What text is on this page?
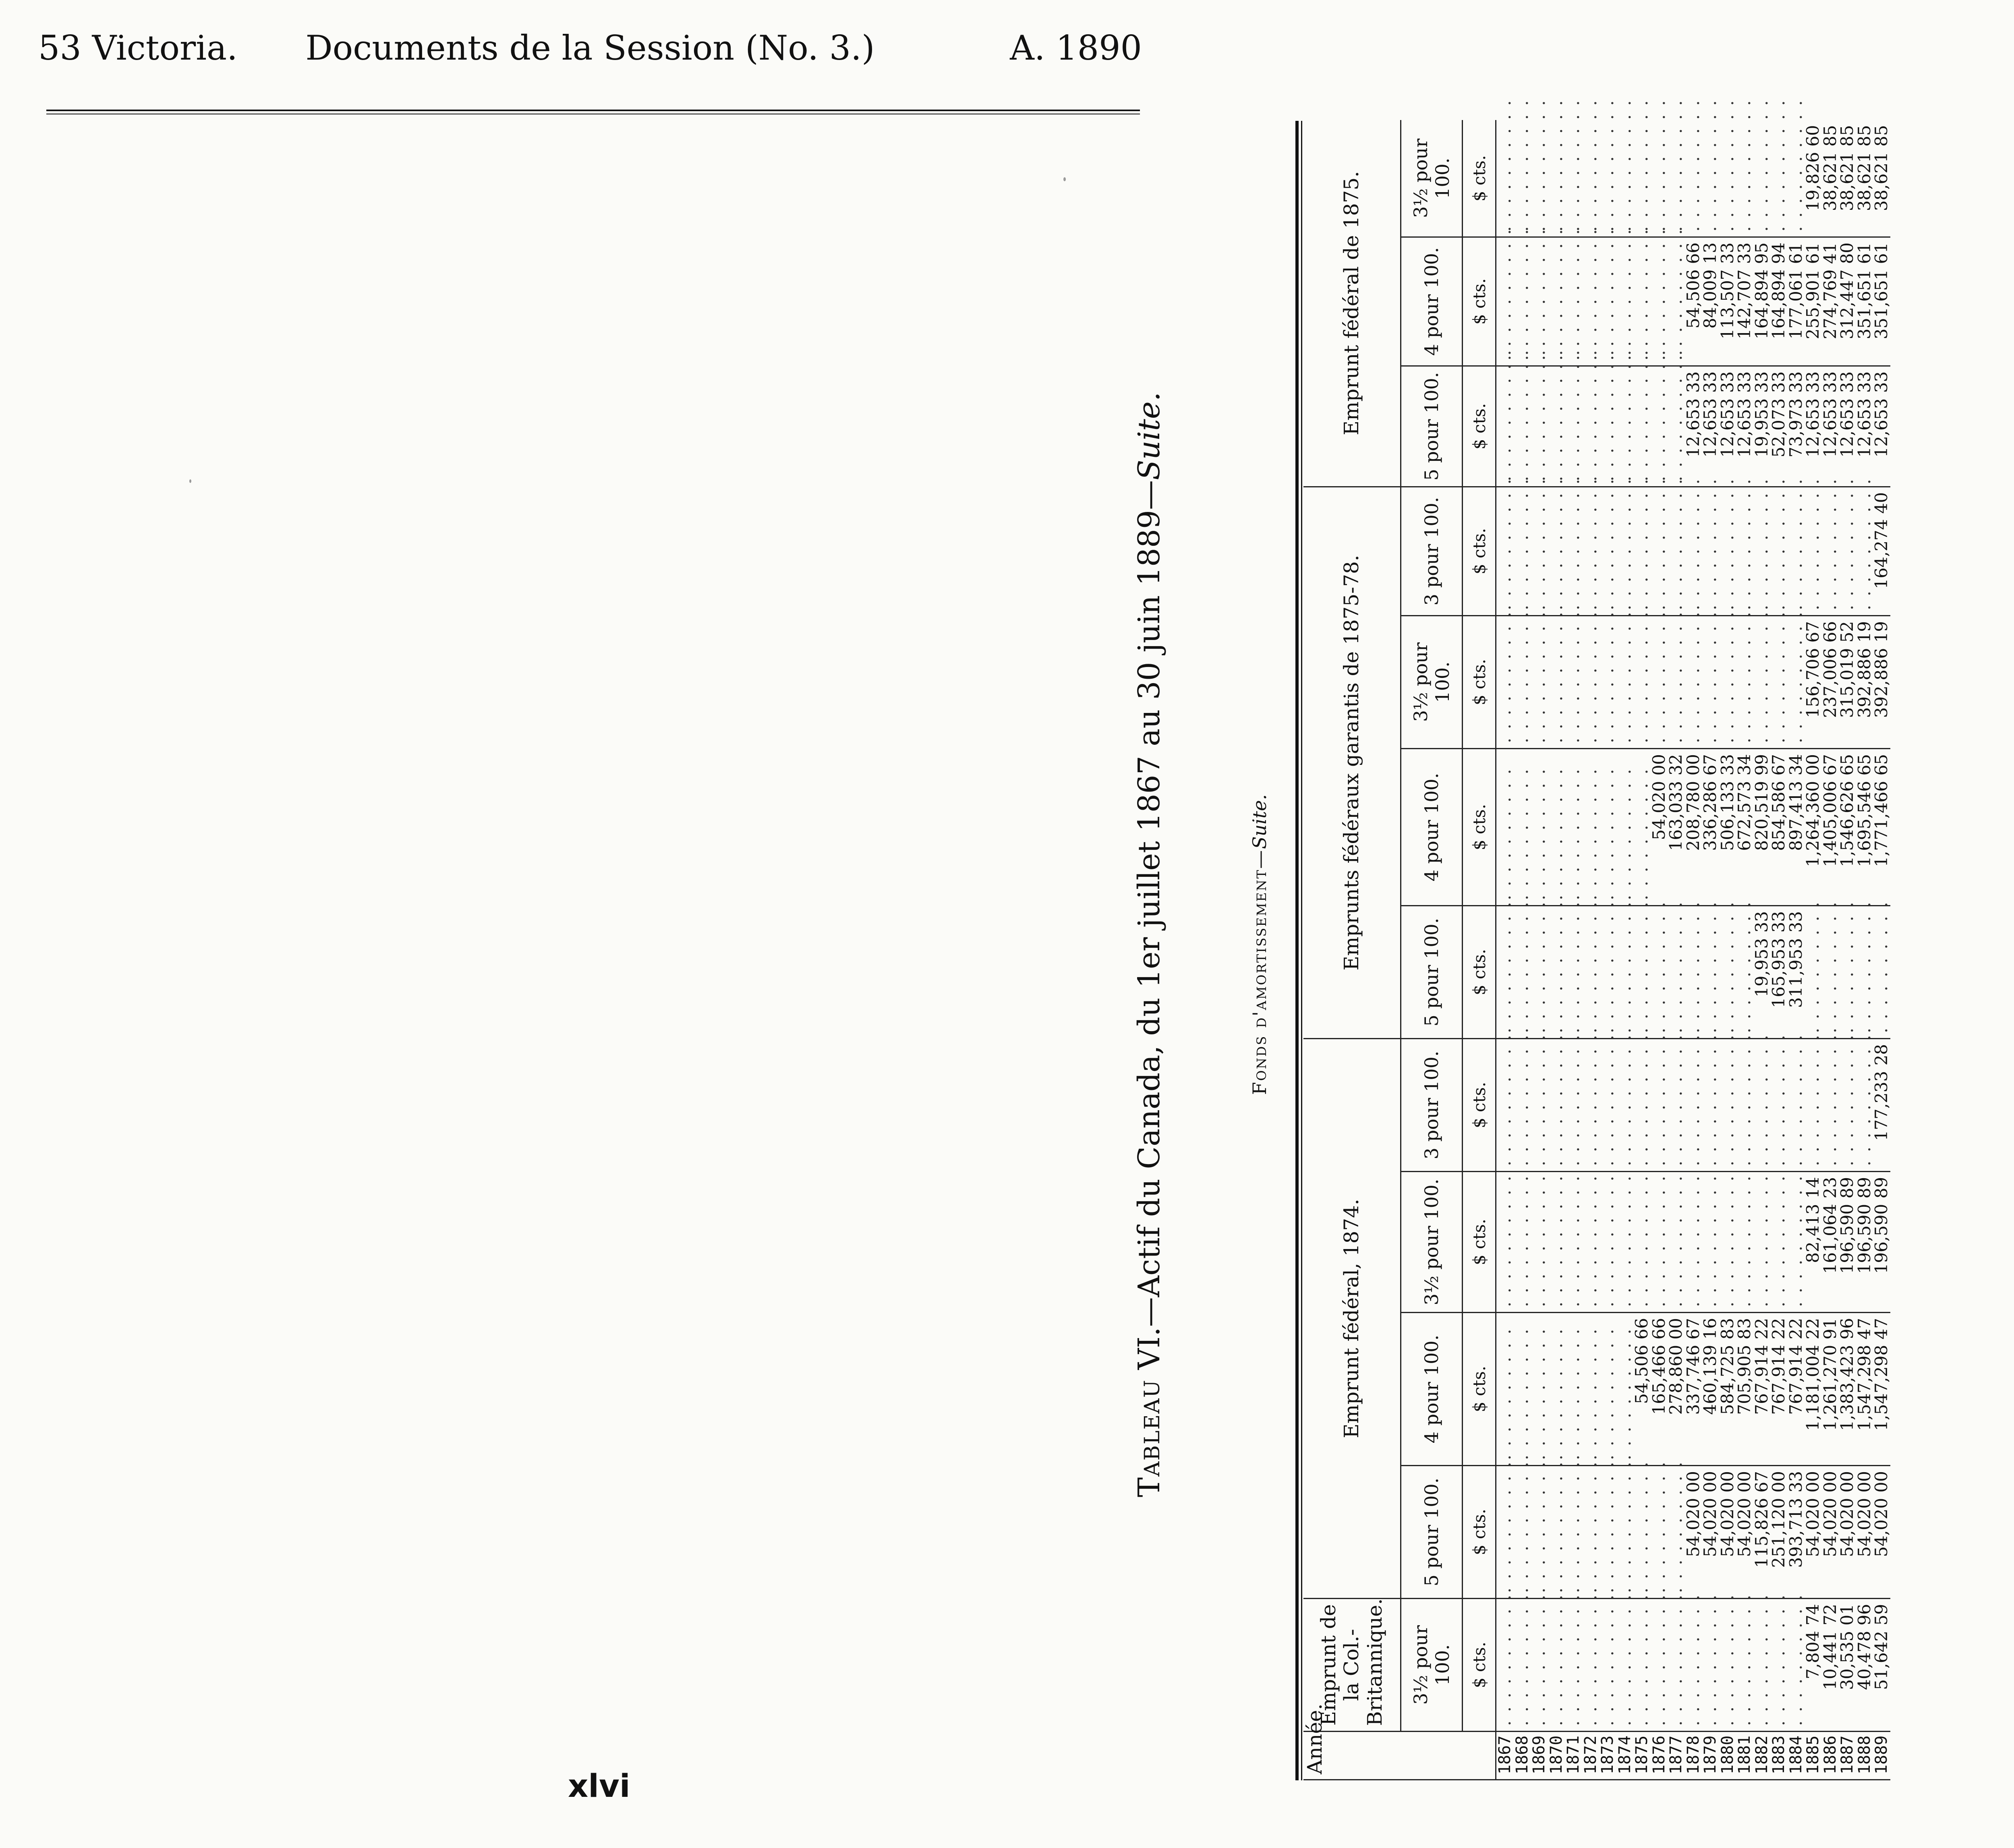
53 Victoria.	Documents de la Session (No. 3.)	A. 1890
Tableau VI.—Actif du Canada, du 1er juillet 1867 au 30 juin 1889—Suite.
Fonds d'amortissement—Suite.
Année.	Emprunt de la Col.-Britannique.	Emprunt fédéral, 1874.				Emprunts fédéraux garantis de 1875-78.				Emprunt fédéral de 1875.		
	3½ pour 100.	5 pour 100.	4 pour 100.	3½ pour 100.	3 pour 100.	5 pour 100.	4 pour 100.	3½ pour 100.	3 pour 100.	5 pour 100.	4 pour 100.	3½ pour 100.
	$ cts.	$ cts.	$ cts.	$ cts.	$ cts.	$ cts.	$ cts.	$ cts.	$ cts.	$ cts.	$ cts.	$ cts.
1867	. . . . . . . . . .	. . . . . . . . . .	. . . . . . . . . .	. . . . . . . . . .	. . . . . . . . . .	. . . . . . . . . .	. . . . . . . . . .	. . . . . . . . . .	. . . . . . . . . .	. . . . . . . . . .	. . . . . . . . . .	. . . . . . . . . .
1868	. . . . . . . . . .	. . . . . . . . . .	. . . . . . . . . .	. . . . . . . . . .	. . . . . . . . . .	. . . . . . . . . .	. . . . . . . . . .	. . . . . . . . . .	. . . . . . . . . .	. . . . . . . . . .	. . . . . . . . . .	. . . . . . . . . .
1869	. . . . . . . . . .	. . . . . . . . . .	. . . . . . . . . .	. . . . . . . . . .	. . . . . . . . . .	. . . . . . . . . .	. . . . . . . . . .	. . . . . . . . . .	. . . . . . . . . .	. . . . . . . . . .	. . . . . . . . . .	. . . . . . . . . .
1870	. . . . . . . . . .	. . . . . . . . . .	. . . . . . . . . .	. . . . . . . . . .	. . . . . . . . . .	. . . . . . . . . .	. . . . . . . . . .	. . . . . . . . . .	. . . . . . . . . .	. . . . . . . . . .	. . . . . . . . . .	. . . . . . . . . .
1871	. . . . . . . . . .	. . . . . . . . . .	. . . . . . . . . .	. . . . . . . . . .	. . . . . . . . . .	. . . . . . . . . .	. . . . . . . . . .	. . . . . . . . . .	. . . . . . . . . .	. . . . . . . . . .	. . . . . . . . . .	. . . . . . . . . .
1872	. . . . . . . . . .	. . . . . . . . . .	. . . . . . . . . .	. . . . . . . . . .	. . . . . . . . . .	. . . . . . . . . .	. . . . . . . . . .	. . . . . . . . . .	. . . . . . . . . .	. . . . . . . . . .	. . . . . . . . . .	. . . . . . . . . .
1873	. . . . . . . . . .	. . . . . . . . . .	. . . . . . . . . .	. . . . . . . . . .	. . . . . . . . . .	. . . . . . . . . .	. . . . . . . . . .	. . . . . . . . . .	. . . . . . . . . .	. . . . . . . . . .	. . . . . . . . . .	. . . . . . . . . .
1874	. . . . . . . . . .	. . . . . . . . . .	. . . . . . . . . .	. . . . . . . . . .	. . . . . . . . . .	. . . . . . . . . .	. . . . . . . . . .	. . . . . . . . . .	. . . . . . . . . .	. . . . . . . . . .	. . . . . . . . . .	. . . . . . . . . .
1875	. . . . . . . . . .	. . . . . . . . . .	54,506 66	. . . . . . . . . .	. . . . . . . . . .	. . . . . . . . . .	. . . . . . . . . .	. . . . . . . . . .	. . . . . . . . . .	. . . . . . . . . .	. . . . . . . . . .	. . . . . . . . . .
1876	. . . . . . . . . .	. . . . . . . . . .	165,466 66	. . . . . . . . . .	. . . . . . . . . .	. . . . . . . . . .	54,020 00	. . . . . . . . . .	. . . . . . . . . .	. . . . . . . . . .	. . . . . . . . . .	. . . . . . . . . .
1877	. . . . . . . . . .	. . . . . . . . . .	278,860 00	. . . . . . . . . .	. . . . . . . . . .	. . . . . . . . . .	163,033 32	. . . . . . . . . .	. . . . . . . . . .	. . . . . . . . . .	. . . . . . . . . .	. . . . . . . . . .
1878	. . . . . . . . . .	54,020 00	337,746 67	. . . . . . . . . .	. . . . . . . . . .	. . . . . . . . . .	208,780 00	. . . . . . . . . .	. . . . . . . . . .	12,653 33	54,506 66	. . . . . . . . . .
1879	. . . . . . . . . .	54,020 00	460,139 16	. . . . . . . . . .	. . . . . . . . . .	. . . . . . . . . .	336,286 67	. . . . . . . . . .	. . . . . . . . . .	12,653 33	84,009 13	. . . . . . . . . .
1880	. . . . . . . . . .	54,020 00	584,725 83	. . . . . . . . . .	. . . . . . . . . .	. . . . . . . . . .	506,133 33	. . . . . . . . . .	. . . . . . . . . .	12,653 33	113,507 33	. . . . . . . . . .
1881	. . . . . . . . . .	54,020 00	705,905 83	. . . . . . . . . .	. . . . . . . . . .	. . . . . . . . . .	672,573 34	. . . . . . . . . .	. . . . . . . . . .	12,653 33	142,707 33	. . . . . . . . . .
1882	. . . . . . . . . .	115,826 67	767,914 22	. . . . . . . . . .	. . . . . . . . . .	19,953 33	820,519 99	. . . . . . . . . .	. . . . . . . . . .	19,953 33	164,894 95	. . . . . . . . . .
1883	. . . . . . . . . .	251,120 00	767,914 22	. . . . . . . . . .	. . . . . . . . . .	165,953 33	854,586 67	. . . . . . . . . .	. . . . . . . . . .	52,073 33	164,894 94	. . . . . . . . . .
1884	. . . . . . . . . .	393,713 33	767,914 22	. . . . . . . . . .	. . . . . . . . . .	311,953 33	897,413 34	. . . . . . . . . .	. . . . . . . . . .	73,973 33	177,061 61	. . . . . . . . . .
1885	7,804 74	54,020 00	1,181,004 22	82,413 14	. . . . . . . . . .	. . . . . . . . . .	1,264,360 00	156,706 67	. . . . . . . . . .	12,653 33	255,901 61	19,826 60
1886	10,441 72	54,020 00	1,261,270 91	161,064 23	. . . . . . . . . .	. . . . . . . . . .	1,405,006 67	237,006 66	. . . . . . . . . .	12,653 33	274,769 41	38,621 85
1887	30,535 01	54,020 00	1,383,423 96	196,590 89	. . . . . . . . . .	. . . . . . . . . .	1,546,626 65	315,019 52	. . . . . . . . . .	12,653 33	312,447 80	38,621 85
1888	40,478 96	54,020 00	1,547,298 47	196,590 89	. . . . . . . . . .	. . . . . . . . . .	1,695,546 65	392,886 19	. . . . . . . . . .	12,653 33	351,651 61	38,621 85
1889	51,642 59	54,020 00	1,547,298 47	196,590 89	177,233 28	. . . . . . . . . .	1,771,466 65	392,886 19	164,274 40	12,653 33	351,651 61	38,621 85
xlvi
